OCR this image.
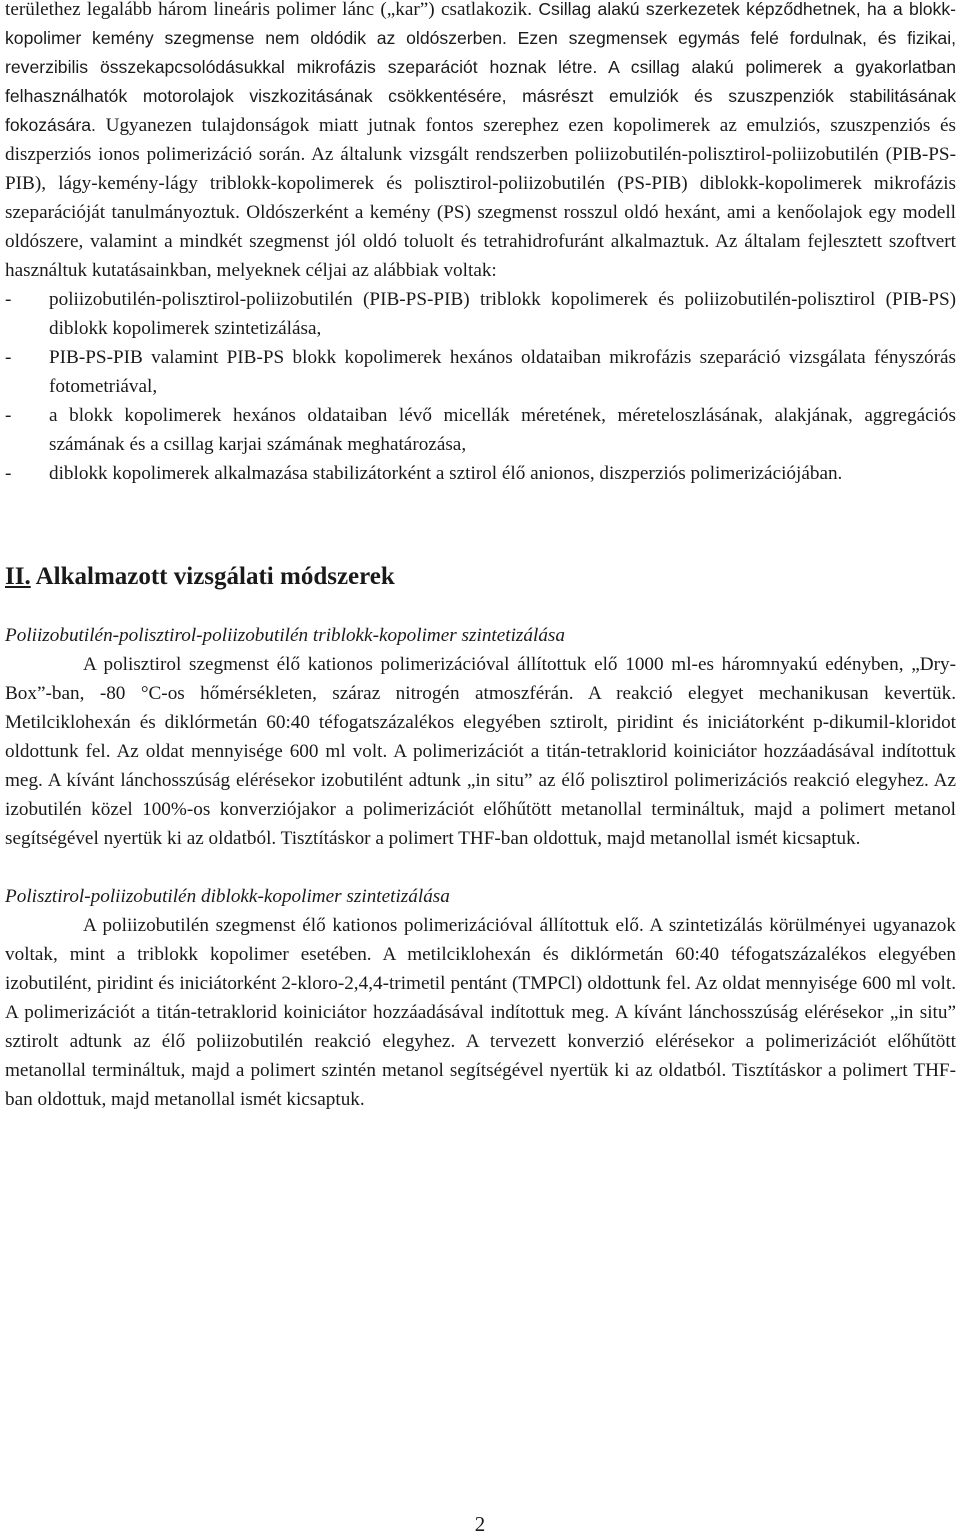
területhez legalább három lineáris polimer lánc („kar”) csatlakozik. Csillag alakú szerkezetek képződhetnek, ha a blokk-kopolimer kemény szegmense nem oldódik az oldószerben. Ezen szegmensek egymás felé fordulnak, és fizikai, reverzibilis összekapcsolódásukkal mikrofázis szeparációt hoznak létre. A csillag alakú polimerek a gyakorlatban felhasználhatók motorolajok viszkozitásának csökkentésére, másrészt emulziók és szuszpenziók stabilitásának fokozására. Ugyanezen tulajdonságok miatt jutnak fontos szerephez ezen kopolimerek az emulziós, szuszpenziós és diszperziós ionos polimerizáció során. Az általunk vizsgált rendszerben poliizobutilén-polisztirol-poliizobutilén (PIB-PS-PIB), lágy-kemény-lágy triblokk-kopolimerek és polisztirol-poliizobutilén (PS-PIB) diblokk-kopolimerek mikrofázis szeparációját tanulmányoztuk. Oldószerként a kemény (PS) szegmenst rosszul oldó hexánt, ami a kenőolajok egy modell oldószere, valamint a mindkét szegmenst jól oldó toluolt és tetrahidrofuránt alkalmaztuk. Az általam fejlesztett szoftvert használtuk kutatásainkban, melyeknek céljai az alábbiak voltak:

- poliizobutilén-polisztirol-poliizobutilén (PIB-PS-PIB) triblokk kopolimerek és poliizobutilén-polisztirol (PIB-PS) diblokk kopolimerek szintetizálása,
- PIB-PS-PIB valamint PIB-PS blokk kopolimerek hexános oldataiban mikrofázis szeparáció vizsgálata fényszórás fotometriával,
- a blokk kopolimerek hexános oldataiban lévő micellák méretének, méreteloszlásának, alakjának, aggregációs számának és a csillag karjai számának meghatározása,
- diblokk kopolimerek alkalmazása stabilizátorként a sztirol élő anionos, diszperziós polimerizációjában.
II. Alkalmazott vizsgálati módszerek
Poliizobutilén-polisztirol-poliizobutilén triblokk-kopolimer szintetizálása

A polisztirol szegmenst élő kationos polimerizációval állítottuk elő 1000 ml-es háromnyakú edényben, „Dry-Box”-ban, -80 °C-os hőmérsékleten, száraz nitrogén atmoszférán. A reakció elegyet mechanikusan kevertük. Metilciklohexán és diklórmetán 60:40 téfogatszázalékos elegyében sztirolt, piridint és iniciátorként p-dikumil-kloridot oldottunk fel. Az oldat mennyisége 600 ml volt. A polimerizációt a titán-tetraklorid koiniciátor hozzáadásával indítottuk meg. A kívánt lánchosszúság elérésekor izobutilént adtunk „in situ” az élő polisztirol polimerizációs reakció elegyhez. Az izobutilén közel 100%-os konverziójakor a polimerizációt előhűtött metanollal termináltuk, majd a polimert metanol segítségével nyertük ki az oldatból. Tisztításkor a polimert THF-ban oldottuk, majd metanollal ismét kicsaptuk.

Polisztirol-poliizobutilén diblokk-kopolimer szintetizálása

A poliizobutilén szegmenst élő kationos polimerizációval állítottuk elő. A szintetizálás körülményei ugyanazok voltak, mint a triblokk kopolimer esetében. A metilciklohexán és diklórmetán 60:40 téfogatszázalékos elegyében izobutilént, piridint és iniciátorként 2-klоro-2,4,4-trimetil pentánt (TMPCl) oldottunk fel. Az oldat mennyisége 600 ml volt. A polimerizációt a titán-tetraklorid koiniciátor hozzáadásával indítottuk meg. A kívánt lánchosszúság elérésekor „in situ” sztirolt adtunk az élő poliizobutilén reakció elegyhez. A tervezett konverzió elérésekor a polimerizációt előhűtött metanollal termináltuk, majd a polimert szintén metanol segítségével nyertük ki az oldatból. Tisztításkor a polimert THF-ban oldottuk, majd metanollal ismét kicsaptuk.

2
